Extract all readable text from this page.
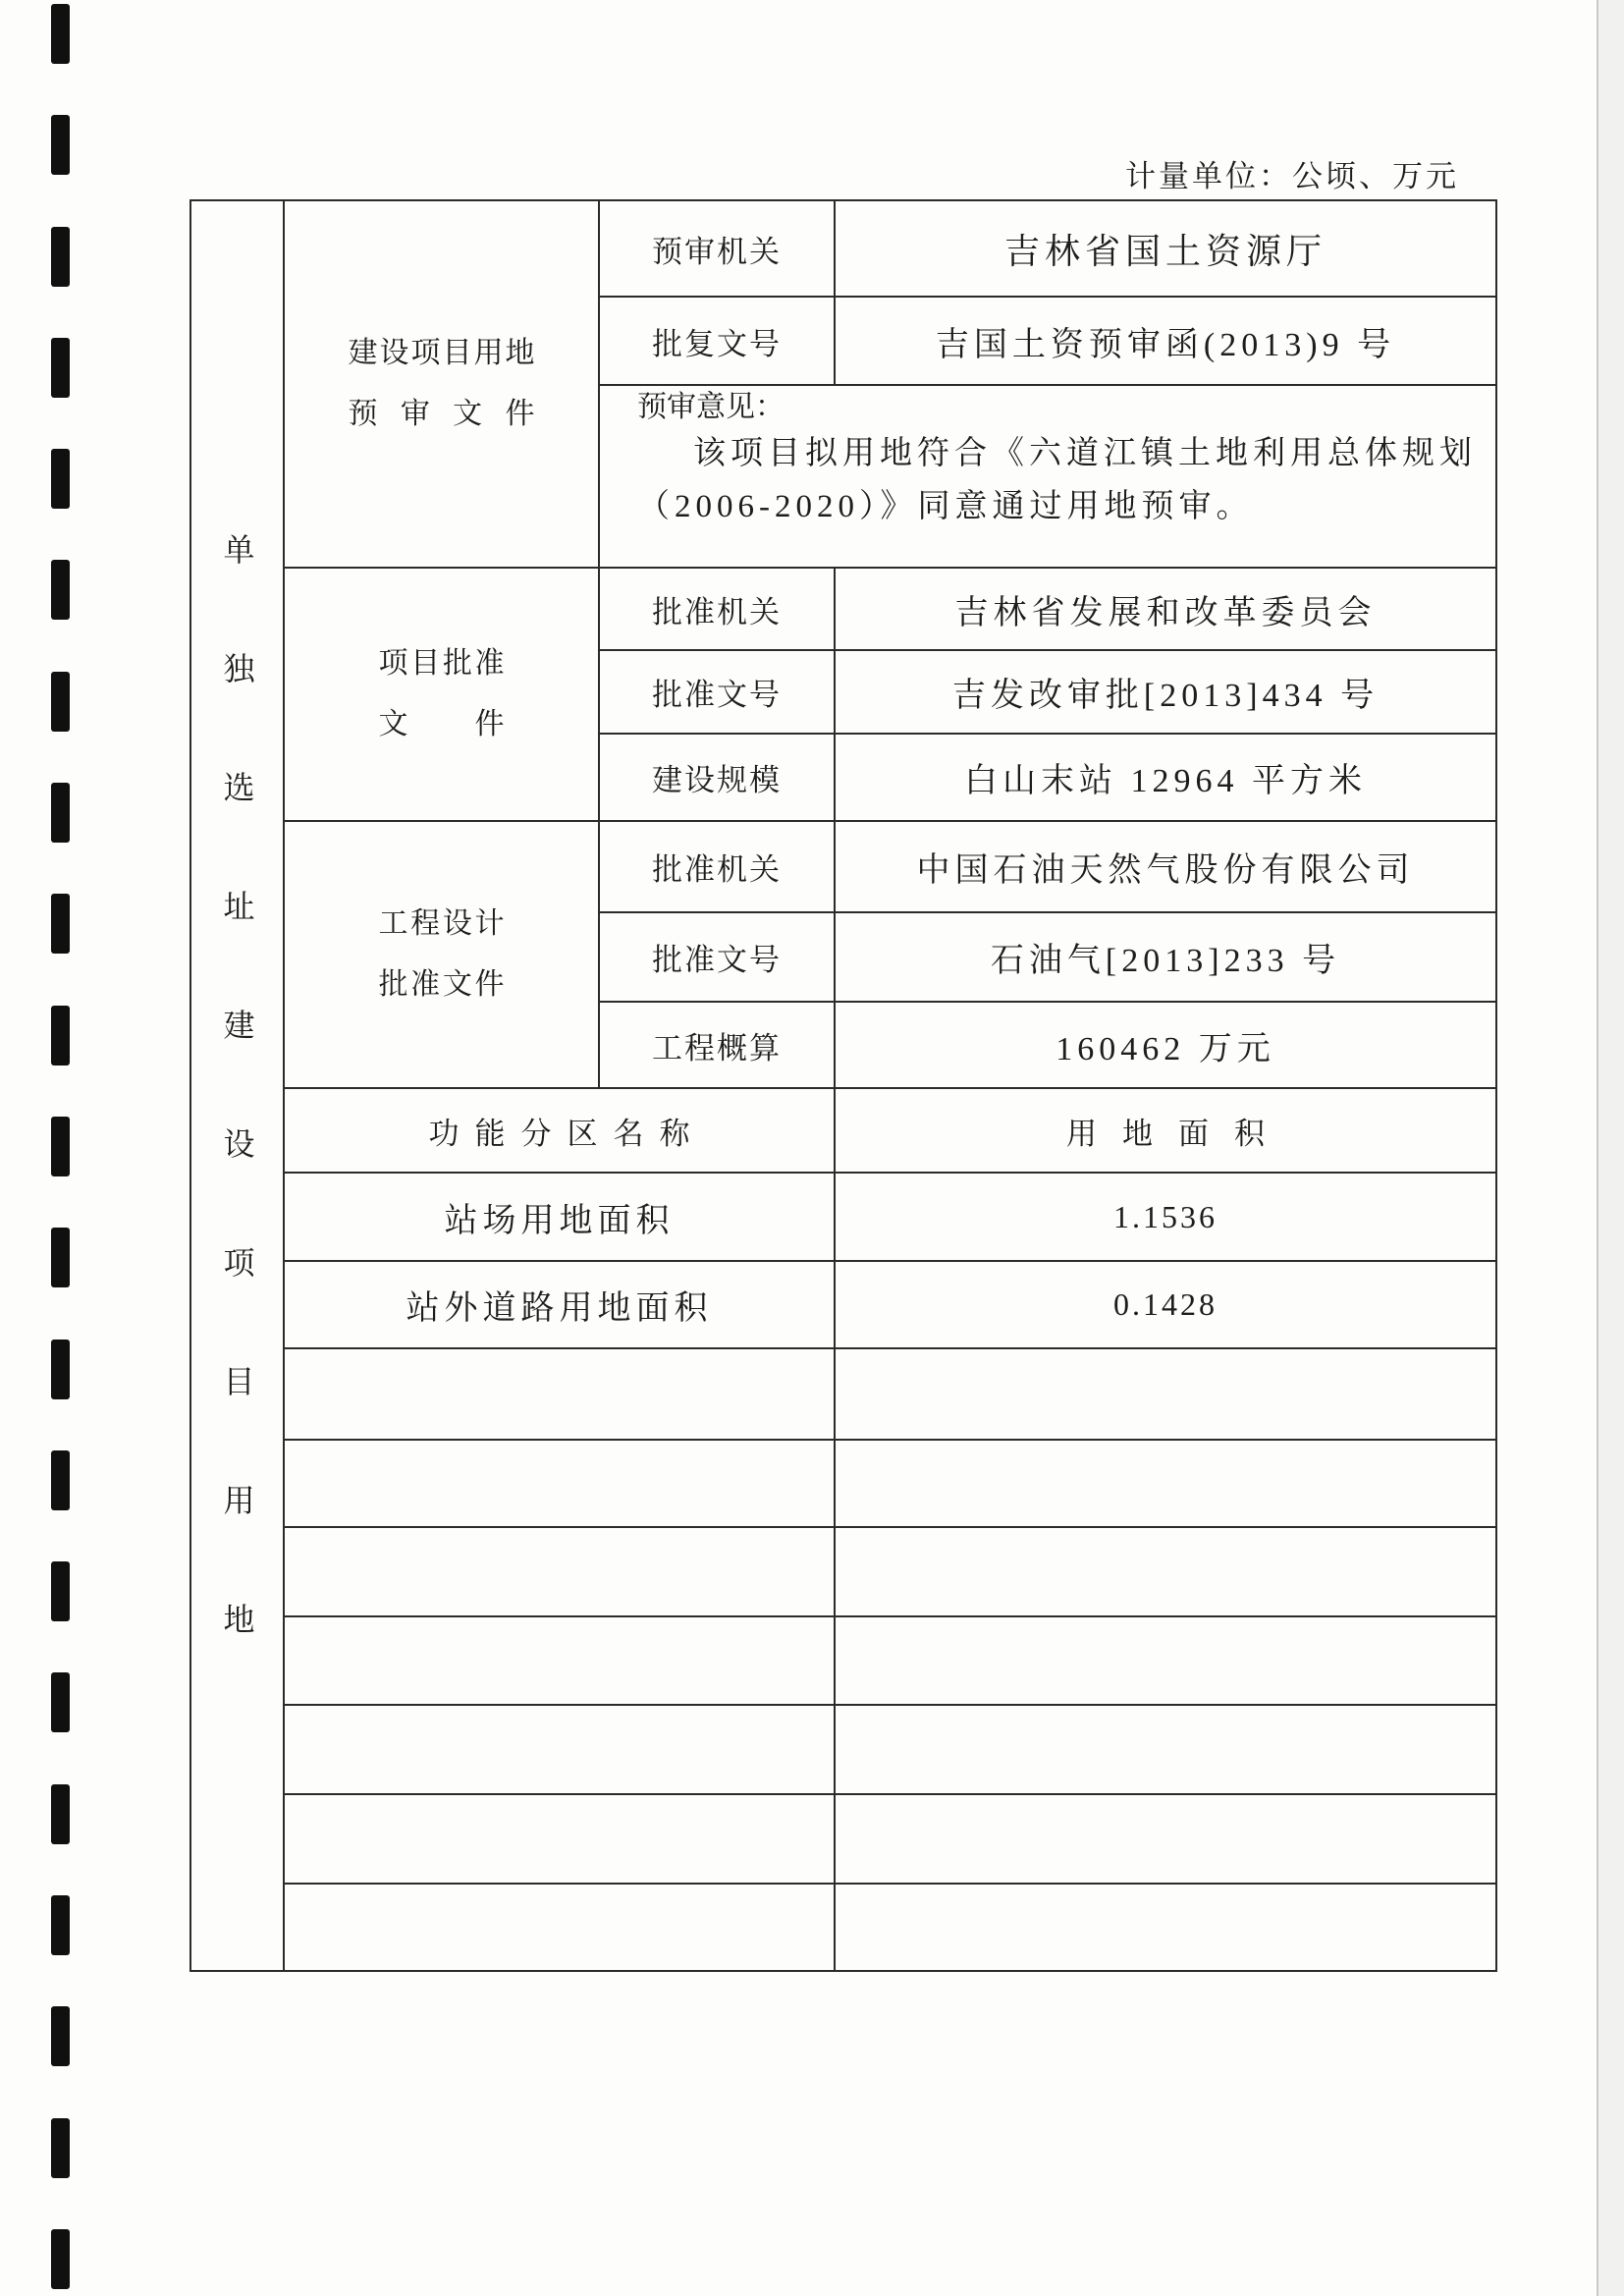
计量单位：公顷、万元
单独选址建设项目用地	建设项目用地
预审文件	预审机关	吉林省国土资源厅
		批复文号	吉国土资预审函(2013)9 号

		预审意见：
该项目拟用地符合《六道江镇土地利用总体规划
（2006-2020）》同意通过用地预审。	

	项目批准
文件	批准机关	吉林省发展和改革委员会
		批准文号	吉发改审批[2013]434 号
		建设规模	白山末站 12964 平方米

	工程设计
批准文件	批准机关	中国石油天然气股份有限公司
		批准文号	石油气[2013]233 号
		工程概算	160462 万元
	功能分区名称		用地面积
	站场用地面积		1.1536
	站外道路用地面积		0.1428
